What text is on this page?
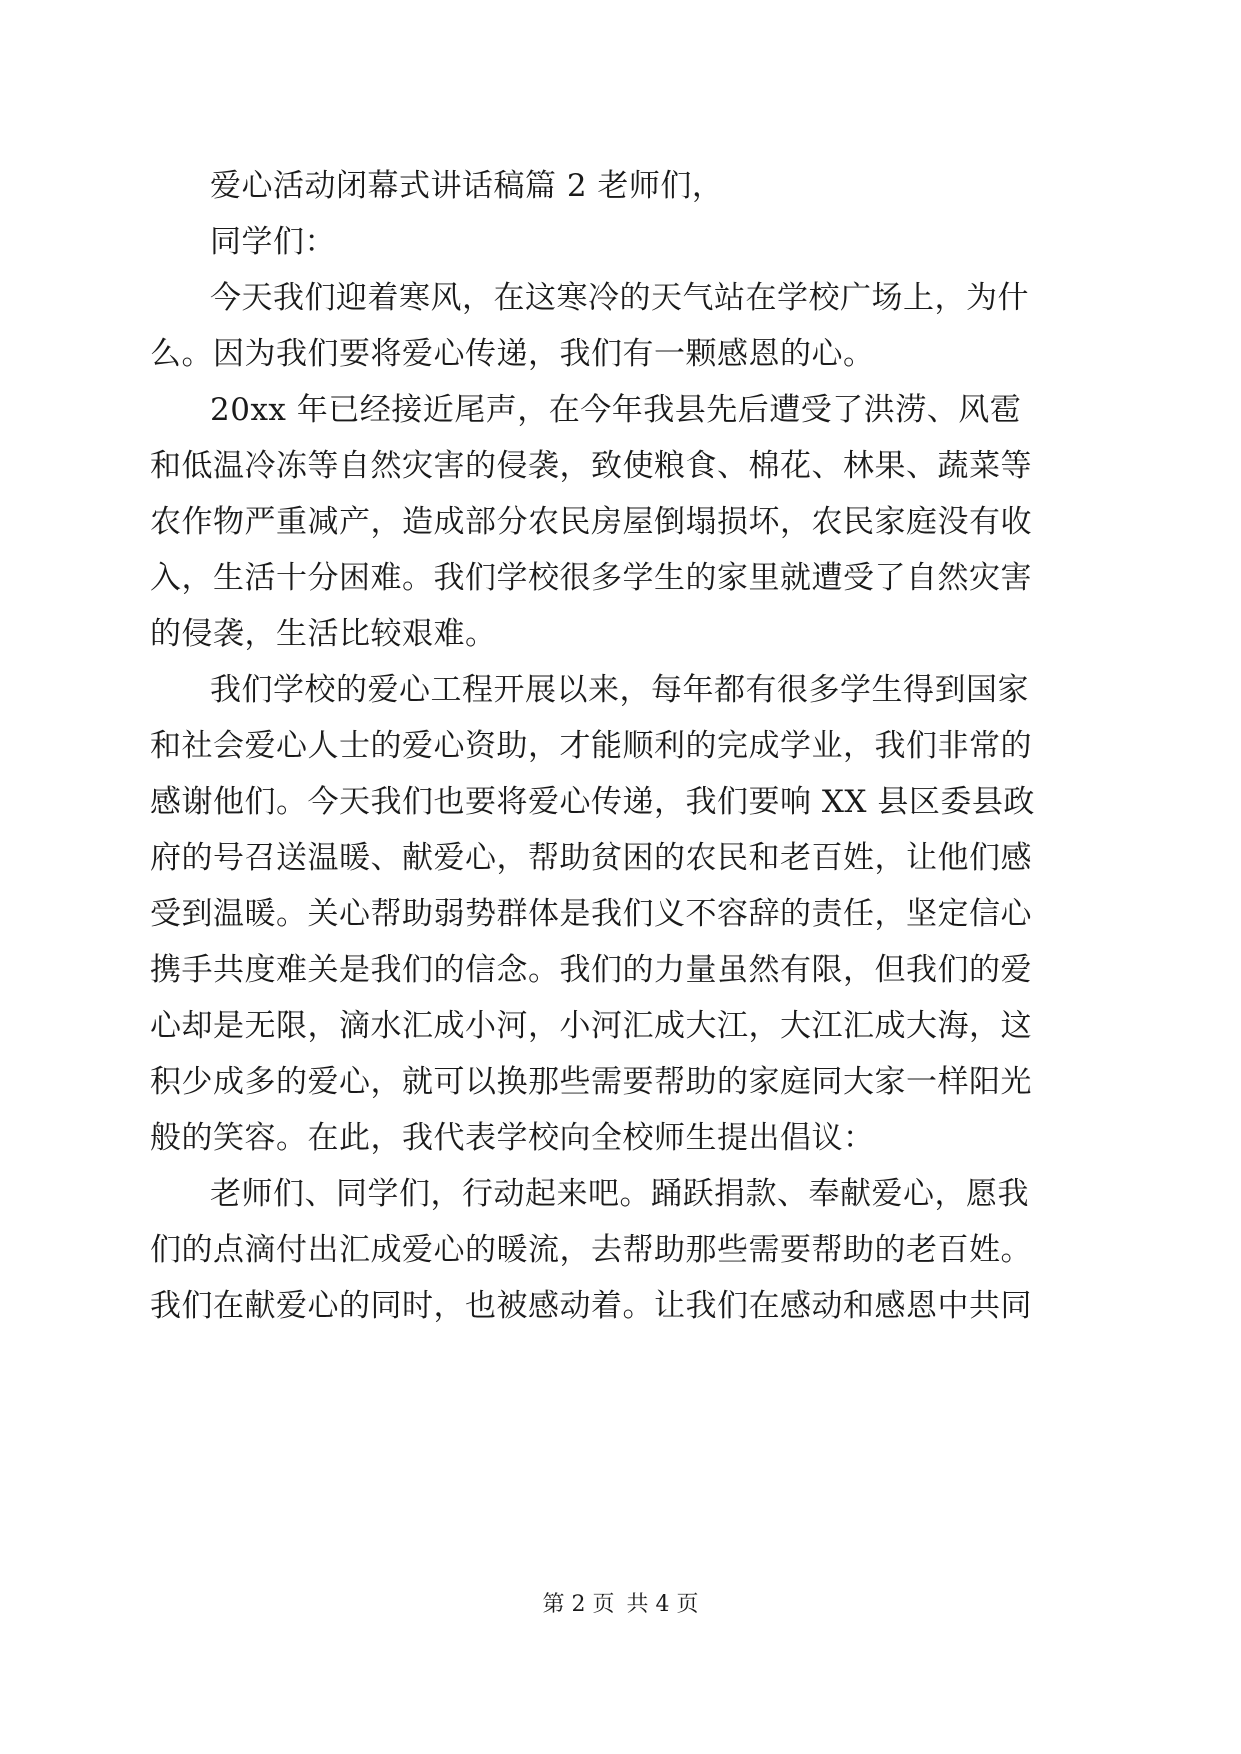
爱心活动闭幕式讲话稿篇 2 老师们，
同学们：
今天我们迎着寒风，在这寒冷的天气站在学校广场上，为什
么。因为我们要将爱心传递，我们有一颗感恩的心。
20xx 年已经接近尾声，在今年我县先后遭受了洪涝、风雹
和低温冷冻等自然灾害的侵袭，致使粮食、棉花、林果、蔬菜等
农作物严重减产，造成部分农民房屋倒塌损坏，农民家庭没有收
入，生活十分困难。我们学校很多学生的家里就遭受了自然灾害
的侵袭，生活比较艰难。
我们学校的爱心工程开展以来，每年都有很多学生得到国家
和社会爱心人士的爱心资助，才能顺利的完成学业，我们非常的
感谢他们。今天我们也要将爱心传递，我们要响 XX 县区委县政
府的号召送温暖、献爱心，帮助贫困的农民和老百姓，让他们感
受到温暖。关心帮助弱势群体是我们义不容辞的责任，坚定信心
携手共度难关是我们的信念。我们的力量虽然有限，但我们的爱
心却是无限，滴水汇成小河，小河汇成大江，大江汇成大海，这
积少成多的爱心，就可以换那些需要帮助的家庭同大家一样阳光
般的笑容。在此，我代表学校向全校师生提出倡议：
老师们、同学们，行动起来吧。踊跃捐款、奉献爱心，愿我
们的点滴付出汇成爱心的暖流，去帮助那些需要帮助的老百姓。
我们在献爱心的同时，也被感动着。让我们在感动和感恩中共同
第 2 页 共 4 页
